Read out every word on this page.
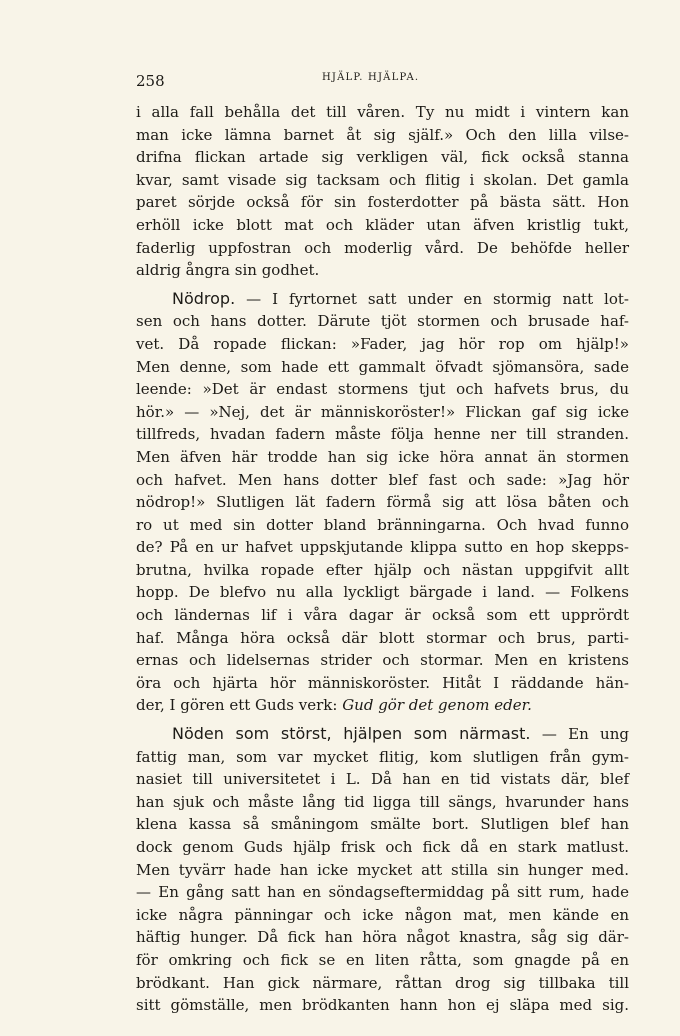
258	HJÄLP. HJÄLPA.
i alla fall behålla det till våren. Ty nu midt i vintern kan
man icke lämna barnet åt sig själf.» Och den lilla vilse-
drifna flickan artade sig verkligen väl, fick också stanna
kvar, samt visade sig tacksam och flitig i skolan. Det gamla
paret sörjde också för sin fosterdotter på bästa sätt. Hon
erhöll icke blott mat och kläder utan äfven kristlig tukt,
faderlig uppfostran och moderlig vård. De behöfde heller
aldrig ångra sin godhet.
Nödrop. — I fyrtornet satt under en stormig natt lot-
sen och hans dotter. Därute tjöt stormen och brusade haf-
vet. Då ropade flickan: »Fader, jag hör rop om hjälp!»
Men denne, som hade ett gammalt öfvadt sjömansöra, sade
leende: »Det är endast stormens tjut och hafvets brus, du
hör.» — »Nej, det är människoröster!» Flickan gaf sig icke
tillfreds, hvadan fadern måste följa henne ner till stranden.
Men äfven här trodde han sig icke höra annat än stormen
och hafvet. Men hans dotter blef fast och sade: »Jag hör
nödrop!» Slutligen lät fadern förmå sig att lösa båten och
ro ut med sin dotter bland bränningarna. Och hvad funno
de? På en ur hafvet uppskjutande klippa sutto en hop skepps-
brutna, hvilka ropade efter hjälp och nästan uppgifvit allt
hopp. De blefvo nu alla lyckligt bärgade i land. — Folkens
och ländernas lif i våra dagar är också som ett upprördt
haf. Många höra också där blott stormar och brus, parti-
ernas och lidelsernas strider och stormar. Men en kristens
öra och hjärta hör människoröster. Hitåt I räddande hän-
der, I gören ett Guds verk: Gud gör det genom eder.
Nöden som störst, hjälpen som närmast. — En ung
fattig man, som var mycket flitig, kom slutligen från gym-
nasiet till universitetet i L. Då han en tid vistats där, blef
han sjuk och måste lång tid ligga till sängs, hvarunder hans
klena kassa så småningom smälte bort. Slutligen blef han
dock genom Guds hjälp frisk och fick då en stark matlust.
Men tyvärr hade han icke mycket att stilla sin hunger med.
— En gång satt han en söndagseftermiddag på sitt rum, hade
icke några pänningar och icke någon mat, men kände en
häftig hunger. Då fick han höra något knastra, såg sig där-
för omkring och fick se en liten råtta, som gnagde på en
brödkant. Han gick närmare, råttan drog sig tillbaka till
sitt gömställe, men brödkanten hann hon ej släpa med sig.
